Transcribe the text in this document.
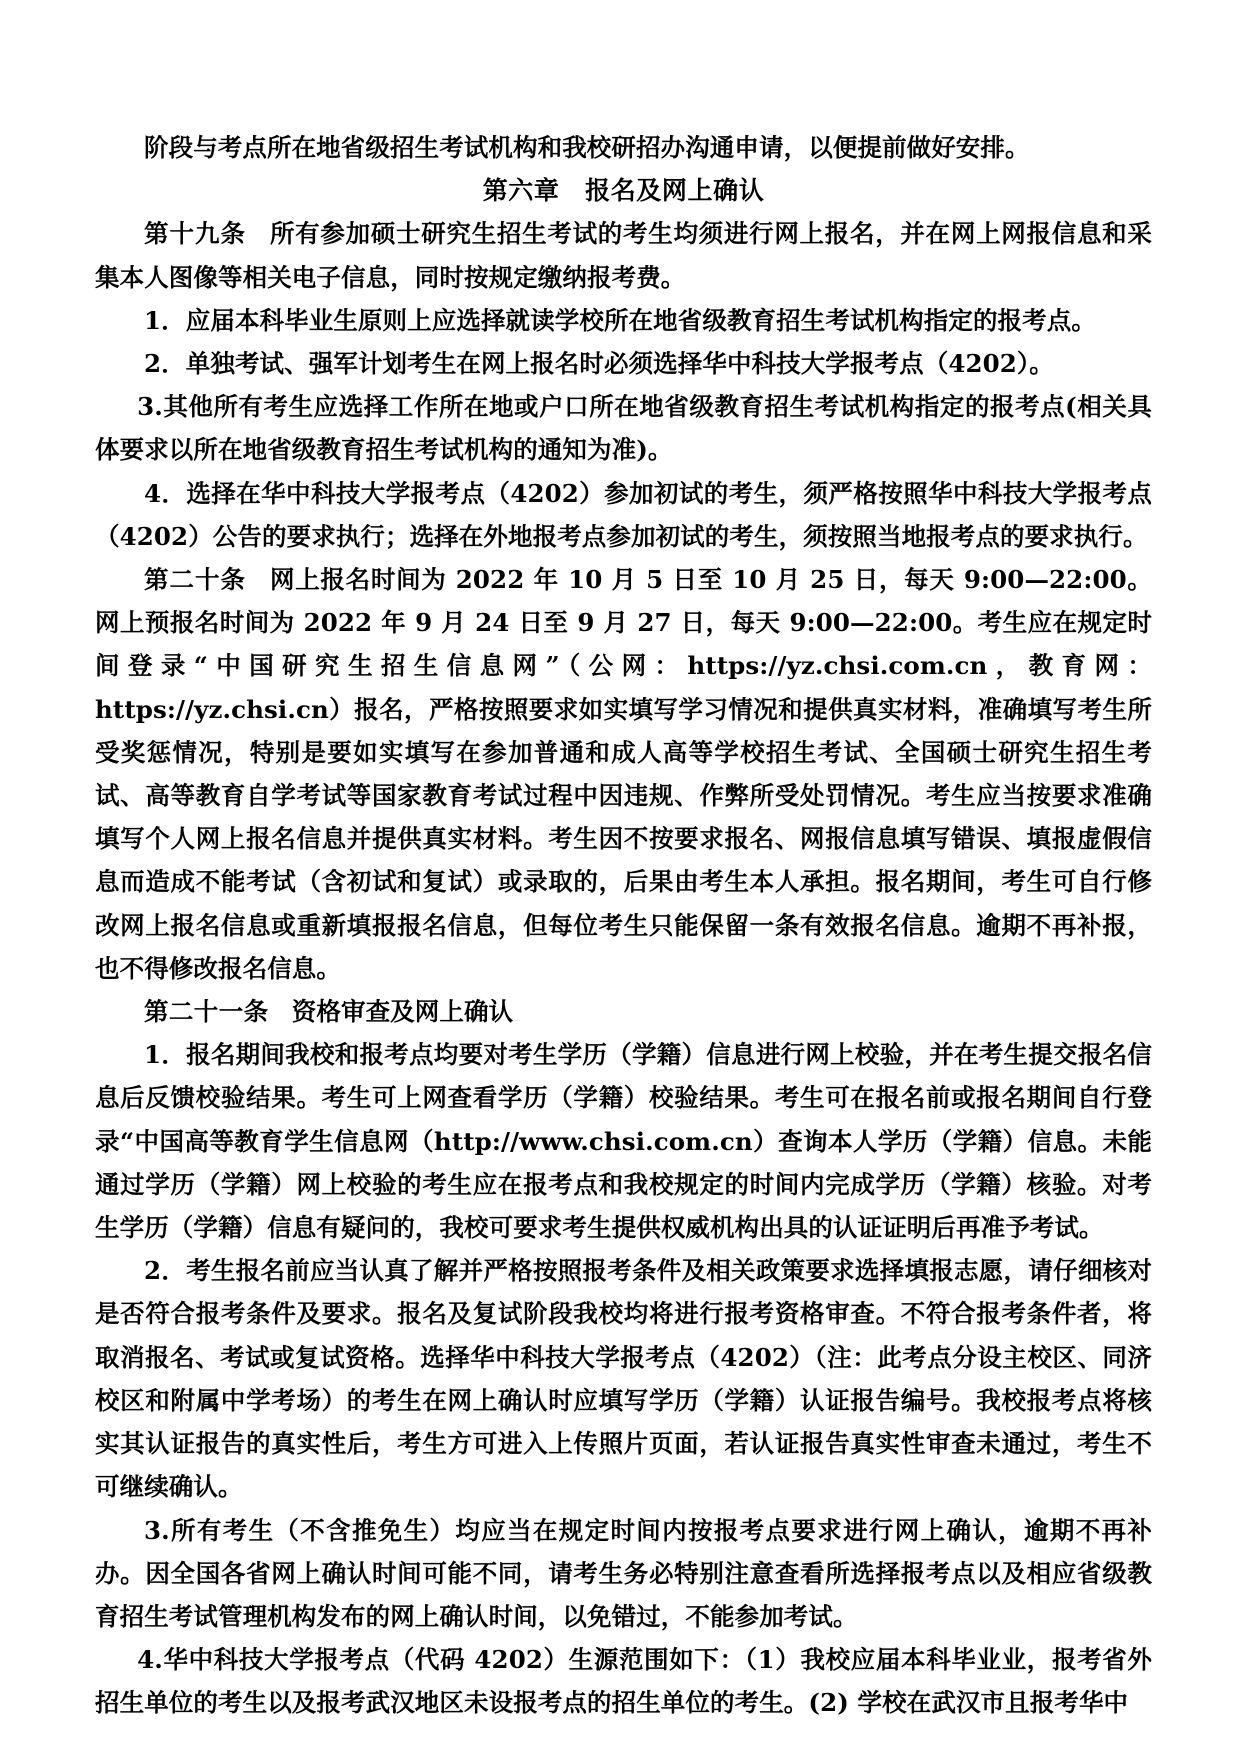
阶段与考点所在地省级招生考试机构和我校研招办沟通申请，以便提前做好安排。

第六章　报名及网上确认

第十九条 所有参加硕士研究生招生考试的考生均须进行网上报名，并在网上网报信息和采集本人图像等相关电子信息，同时按规定缴纳报考费。

1．应届本科毕业生原则上应选择就读学校所在地省级教育招生考试机构指定的报考点。

2．单独考试、强军计划考生在网上报名时必须选择华中科技大学报考点（4202）。

3.其他所有考生应选择工作所在地或户口所在地省级教育招生考试机构指定的报考点(相关具体要求以所在地省级教育招生考试机构的通知为准)。

4．选择在华中科技大学报考点（4202）参加初试的考生，须严格按照华中科技大学报考点（4202）公告的要求执行；选择在外地报考点参加初试的考生，须按照当地报考点的要求执行。

第二十条 网上报名时间为 2022 年 10 月 5 日至 10 月 25 日，每天 9:00—22:00。网上预报名时间为 2022 年 9 月 24 日至 9 月 27 日，每天 9:00—22:00。考生应在规定时间登录“中国研究生招生信息网”（公网：https://yz.chsi.com.cn，教育网：https://yz.chsi.cn）报名，严格按照要求如实填写学习情况和提供真实材料，准确填写考生所受奖惩情况，特别是要如实填写在参加普通和成人高等学校招生考试、全国硕士研究生招生考试、高等教育自学考试等国家教育考试过程中因违规、作弊所受处罚情况。考生应当按要求准确填写个人网上报名信息并提供真实材料。考生因不按要求报名、网报信息填写错误、填报虚假信息而造成不能考试（含初试和复试）或录取的，后果由考生本人承担。报名期间，考生可自行修改网上报名信息或重新填报报名信息，但每位考生只能保留一条有效报名信息。逾期不再补报，也不得修改报名信息。

第二十一条 资格审查及网上确认

1．报名期间我校和报考点均要对考生学历（学籍）信息进行网上校验，并在考生提交报名信息后反馈校验结果。考生可上网查看学历（学籍）校验结果。考生可在报名前或报名期间自行登录“中国高等教育学生信息网（http://www.chsi.com.cn）查询本人学历（学籍）信息。未能通过学历（学籍）网上校验的考生应在报考点和我校规定的时间内完成学历（学籍）核验。对考生学历（学籍）信息有疑问的，我校可要求考生提供权威机构出具的认证证明后再准予考试。

2．考生报名前应当认真了解并严格按照报考条件及相关政策要求选择填报志愿，请仔细核对是否符合报考条件及要求。报名及复试阶段我校均将进行报考资格审查。不符合报考条件者，将取消报名、考试或复试资格。选择华中科技大学报考点（4202）（注：此考点分设主校区、同济校区和附属中学考场）的考生在网上确认时应填写学历（学籍）认证报告编号。我校报考点将核实其认证报告的真实性后，考生方可进入上传照片页面，若认证报告真实性审查未通过，考生不可继续确认。

3.所有考生（不含推免生）均应当在规定时间内按报考点要求进行网上确认，逾期不再补办。因全国各省网上确认时间可能不同，请考生务必特别注意查看所选择报考点以及相应省级教育招生考试管理机构发布的网上确认时间，以免错过，不能参加考试。

4.华中科技大学报考点（代码 4202）生源范围如下：（1）我校应届本科毕业业，报考省外招生单位的考生以及报考武汉地区未设报考点的招生单位的考生。(2) 学校在武汉市且报考华中
